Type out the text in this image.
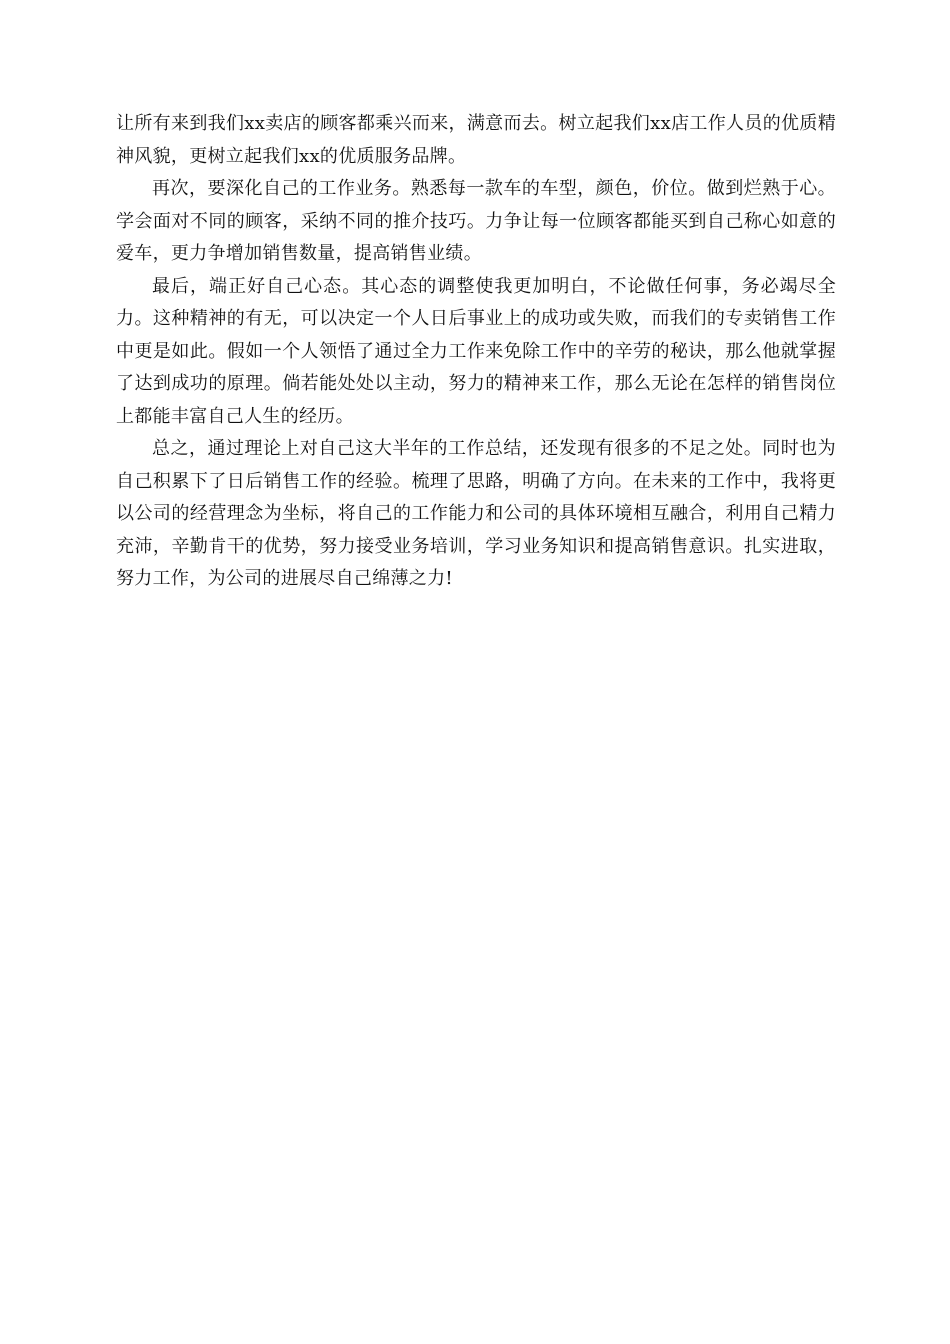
让所有来到我们xx卖店的顾客都乘兴而来，满意而去。树立起我们xx店工作人员的优质精神风貌，更树立起我们xx的优质服务品牌。

再次，要深化自己的工作业务。熟悉每一款车的车型，颜色，价位。做到烂熟于心。学会面对不同的顾客，采纳不同的推介技巧。力争让每一位顾客都能买到自己称心如意的爱车，更力争增加销售数量，提高销售业绩。

最后，端正好自己心态。其心态的调整使我更加明白，不论做任何事，务必竭尽全力。这种精神的有无，可以决定一个人日后事业上的成功或失败，而我们的专卖销售工作中更是如此。假如一个人领悟了通过全力工作来免除工作中的辛劳的秘诀，那么他就掌握了达到成功的原理。倘若能处处以主动，努力的精神来工作，那么无论在怎样的销售岗位上都能丰富自己人生的经历。

总之，通过理论上对自己这大半年的工作总结，还发现有很多的不足之处。同时也为自己积累下了日后销售工作的经验。梳理了思路，明确了方向。在未来的工作中，我将更以公司的经营理念为坐标，将自己的工作能力和公司的具体环境相互融合，利用自己精力充沛，辛勤肯干的优势，努力接受业务培训，学习业务知识和提高销售意识。扎实进取，努力工作，为公司的进展尽自己绵薄之力!
